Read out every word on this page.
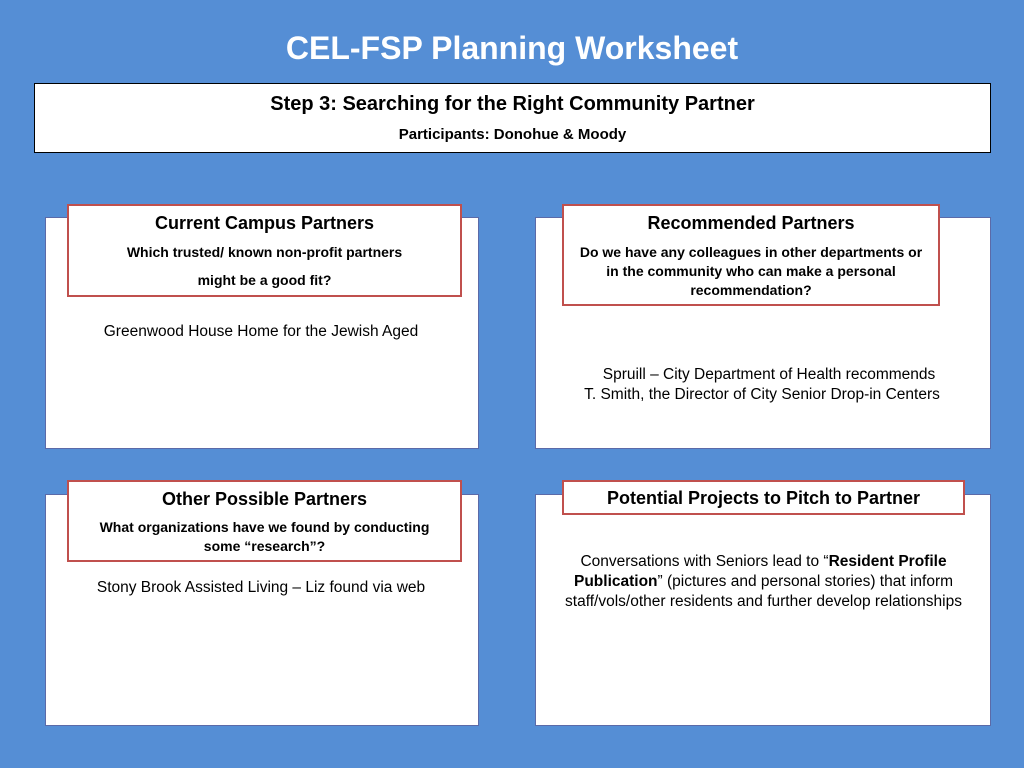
CEL-FSP Planning Worksheet
Step 3: Searching for the Right Community Partner
Participants: Donohue & Moody
Current Campus Partners
Which trusted/ known non-profit partners
might be a good fit?
Greenwood House Home for the Jewish Aged
Recommended Partners
Do we have any colleagues in other departments or in the community who can make a personal recommendation?
Spruill – City Department of Health recommends
T. Smith, the Director of City Senior Drop-in Centers
Other Possible Partners
What organizations have we found by conducting some “research”?
Stony Brook Assisted Living – Liz found via web
Potential Projects to Pitch to Partner
Conversations with Seniors lead to “Resident Profile Publication” (pictures and personal stories) that inform staff/vols/other residents and further develop relationships
